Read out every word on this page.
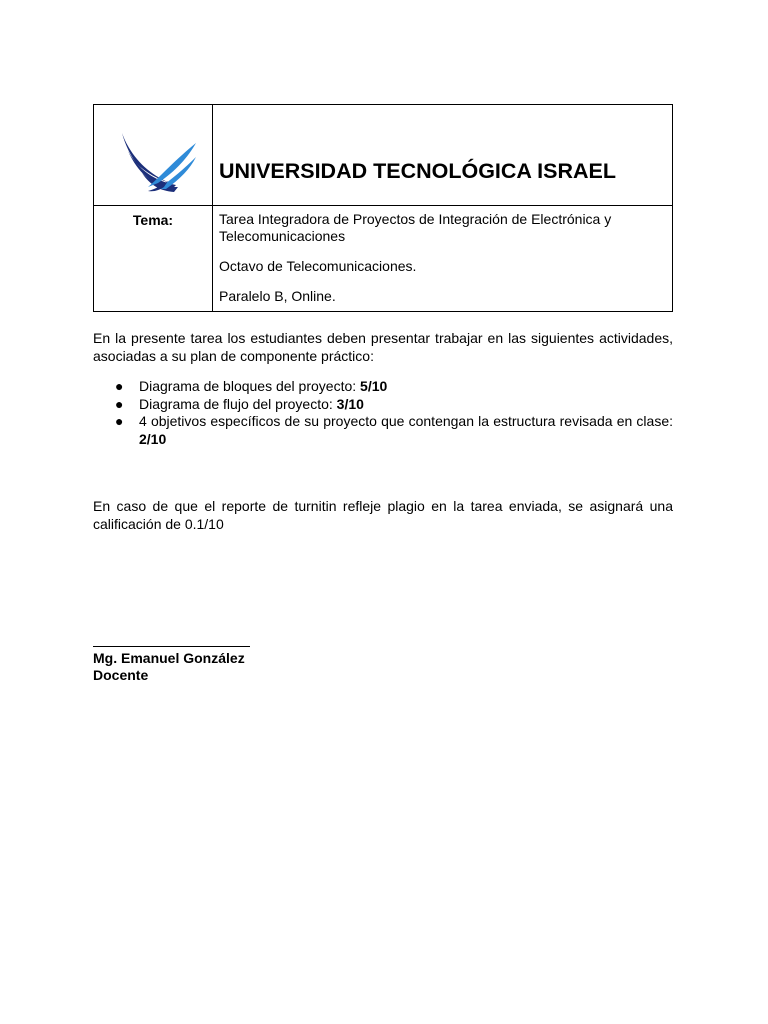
UNIVERSIDAD TECNOLÓGICA ISRAEL

Tema:	Tarea Integradora de Proyectos de Integración de Electrónica y Telecomunicaciones

Octavo de Telecomunicaciones.

Paralelo B, Online.

En la presente tarea los estudiantes deben presentar trabajar en las siguientes actividades, asociadas a su plan de componente práctico:
● Diagrama de bloques del proyecto: 5/10
● Diagrama de flujo del proyecto: 3/10
● 4 objetivos específicos de su proyecto que contengan la estructura revisada en clase: 2/10
En caso de que el reporte de turnitin refleje plagio en la tarea enviada, se asignará una calificación de 0.1/10
Mg. Emanuel González
Docente
